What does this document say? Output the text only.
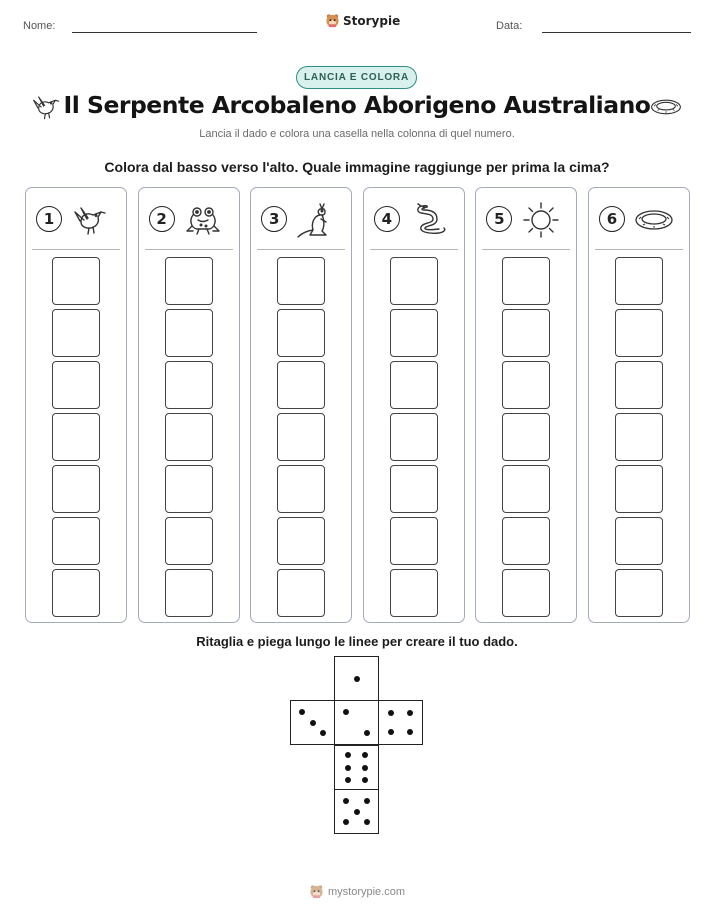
Nome:	Storypie	Data:
LANCIA E COLORA
Il Serpente Arcobaleno Aborigeno Australiano
Lancia il dado e colora una casella nella colonna di quel numero.
Colora dal basso verso l'alto. Quale immagine raggiunge per prima la cima?
1	2	3	4	5	6
Ritaglia e piega lungo le linee per creare il tuo dado.
mystorypie.com
